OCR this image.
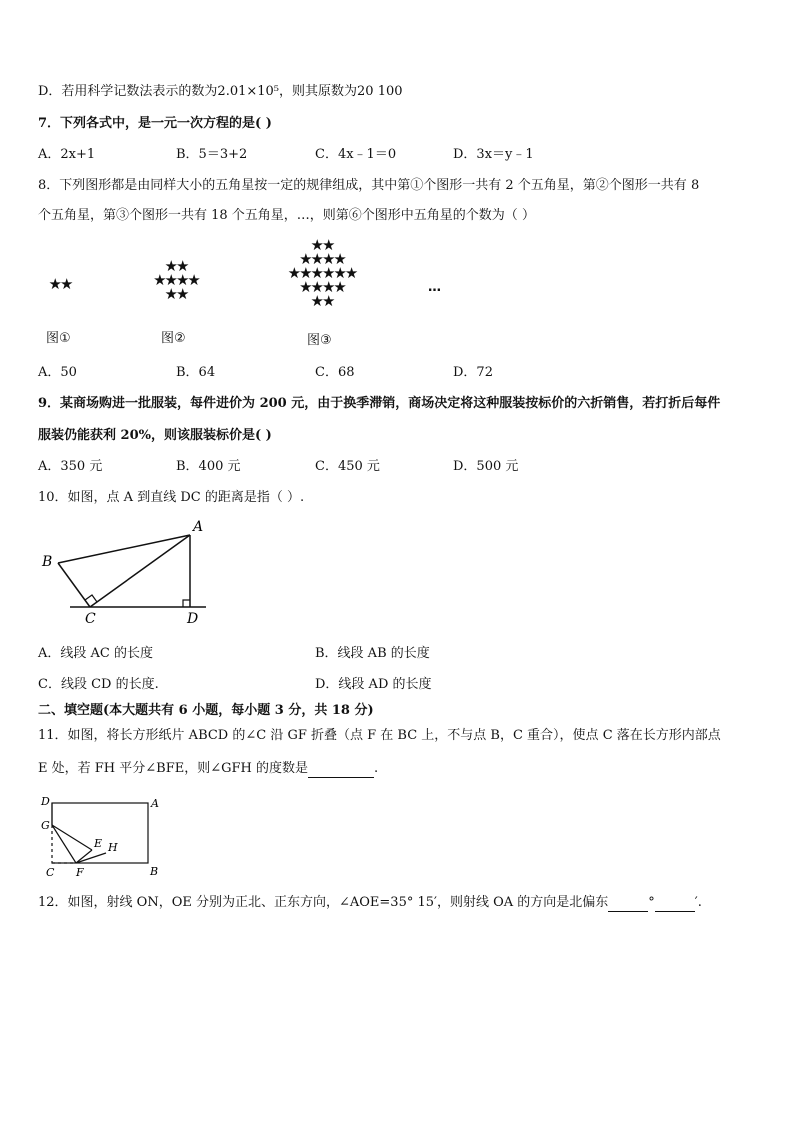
D．若用科学记数法表示的数为2.01×10⁵，则其原数为20 100
7．下列各式中，是一元一次方程的是( )
A．2x+1	B．5＝3+2	C．4x﹣1＝0	D．3x＝y﹣1
8．下列图形都是由同样大小的五角星按一定的规律组成，其中第①个图形一共有 2 个五角星，第②个图形一共有 8
个五角星，第③个图形一共有 18 个五角星，…，则第⑥个图形中五角星的个数为（ ）
★★
★★
★★★★
★★
★★
★★★★
★★★★★★
★★★★
★★
…
图①	图②	图③
A．50	B．64	C．68	D．72
9．某商场购进一批服装，每件进价为 200 元，由于换季滞销，商场决定将这种服装按标价的六折销售，若打折后每件
服装仍能获利 20%，则该服装标价是( )
A．350 元	B．400 元	C．450 元	D．500 元
10．如图，点 A 到直线 DC 的距离是指（ ）.
A
B
C	D
A．线段 AC 的长度	B．线段 AB 的长度
C．线段 CD 的长度.	D．线段 AD 的长度
二、填空题(本大题共有 6 小题，每小题 3 分，共 18 分)
11．如图，将长方形纸片 ABCD 的∠C 沿 GF 折叠（点 F 在 BC 上，不与点 B，C 重合），使点 C 落在长方形内部点
E 处，若 FH 平分∠BFE，则∠GFH 的度数是	.
D	A
G
E H
C F	B
12．如图，射线 ON，OE 分别为正北、正东方向，∠AOE=35° 15′，则射线 OA 的方向是北偏东	°	′.
